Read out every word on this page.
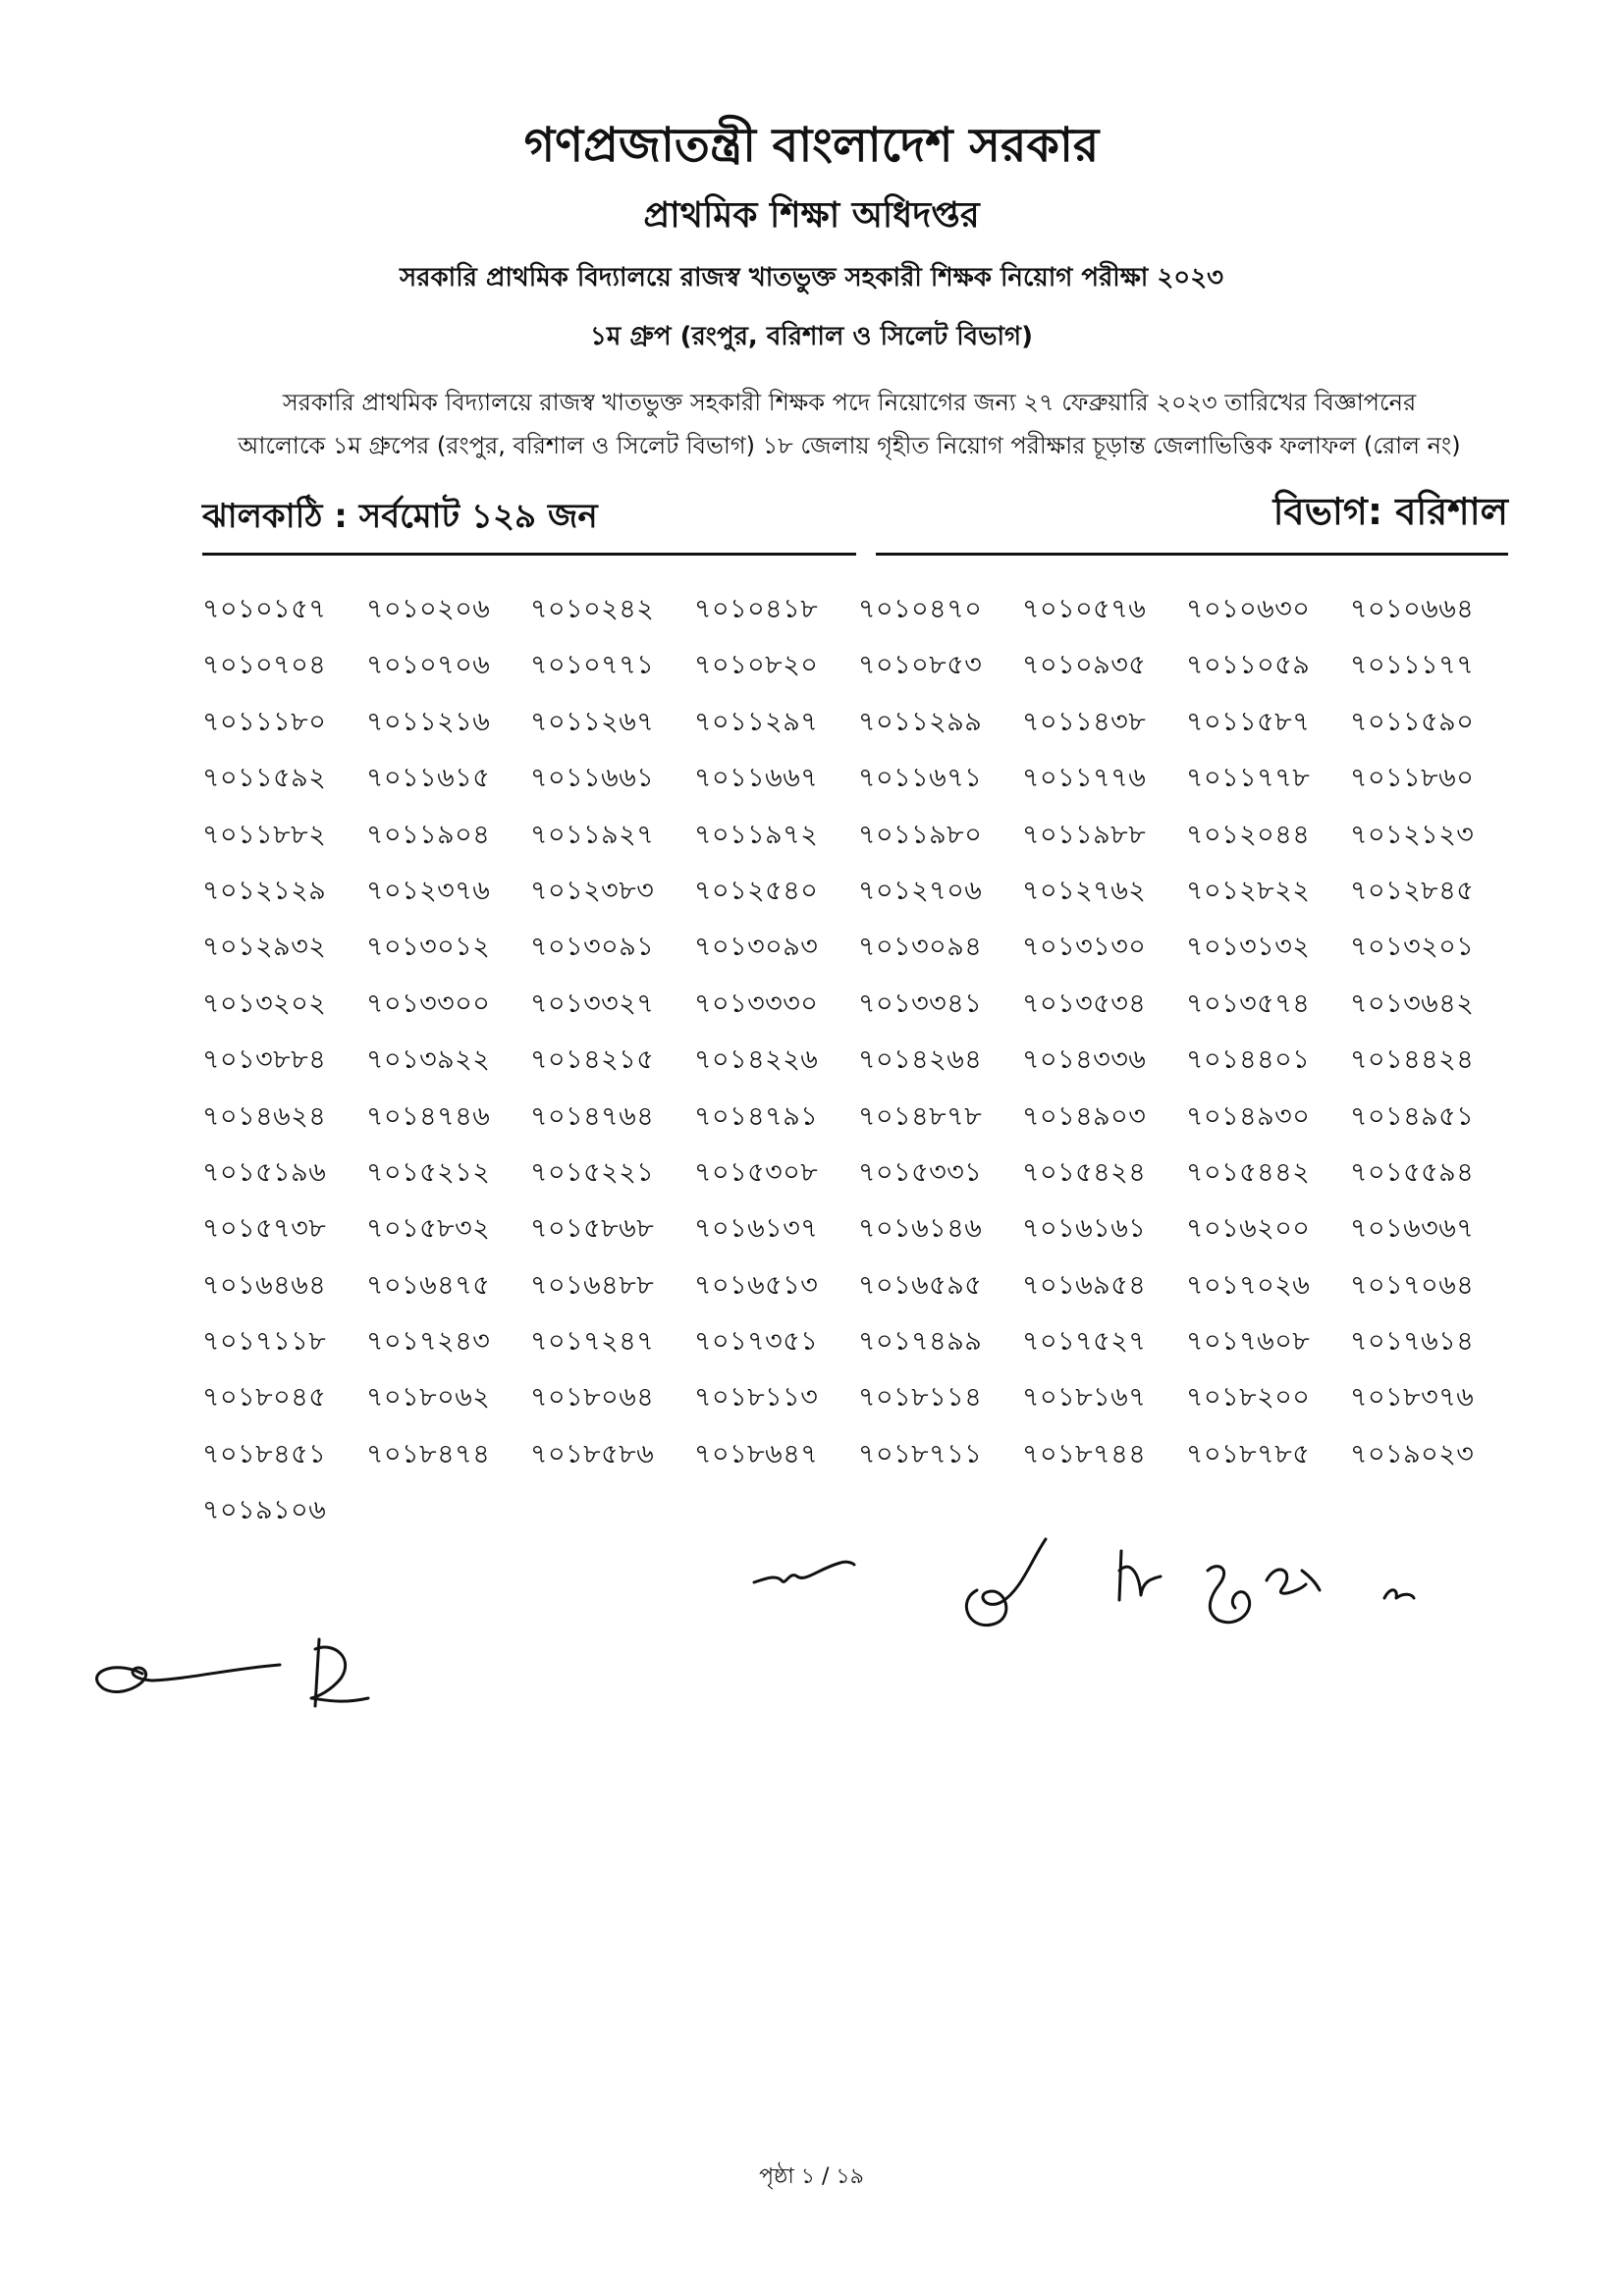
গণপ্রজাতন্ত্রী বাংলাদেশ সরকার
প্রাথমিক শিক্ষা অধিদপ্তর
সরকারি প্রাথমিক বিদ্যালয়ে রাজস্ব খাতভুক্ত সহকারী শিক্ষক নিয়োগ পরীক্ষা ২০২৩
১ম গ্রুপ (রংপুর, বরিশাল ও সিলেট বিভাগ)
সরকারি প্রাথমিক বিদ্যালয়ে রাজস্ব খাতভুক্ত সহকারী শিক্ষক পদে নিয়োগের জন্য ২৭ ফেব্রুয়ারি ২০২৩ তারিখের বিজ্ঞাপনের
আলোকে ১ম গ্রুপের (রংপুর, বরিশাল ও সিলেট বিভাগ) ১৮ জেলায় গৃহীত নিয়োগ পরীক্ষার চূড়ান্ত জেলাভিত্তিক ফলাফল (রোল নং)
ঝালকাঠি : সর্বমোট ১২৯ জন	বিভাগ: বরিশাল
৭০১০১৫৭	৭০১০২০৬	৭০১০২৪২	৭০১০৪১৮	৭০১০৪৭০	৭০১০৫৭৬	৭০১০৬৩০	৭০১০৬৬৪
৭০১০৭০৪	৭০১০৭০৬	৭০১০৭৭১	৭০১০৮২০	৭০১০৮৫৩	৭০১০৯৩৫	৭০১১০৫৯	৭০১১১৭৭
৭০১১১৮০	৭০১১২১৬	৭০১১২৬৭	৭০১১২৯৭	৭০১১২৯৯	৭০১১৪৩৮	৭০১১৫৮৭	৭০১১৫৯০
৭০১১৫৯২	৭০১১৬১৫	৭০১১৬৬১	৭০১১৬৬৭	৭০১১৬৭১	৭০১১৭৭৬	৭০১১৭৭৮	৭০১১৮৬০
৭০১১৮৮২	৭০১১৯০৪	৭০১১৯২৭	৭০১১৯৭২	৭০১১৯৮০	৭০১১৯৮৮	৭০১২০৪৪	৭০১২১২৩
৭০১২১২৯	৭০১২৩৭৬	৭০১২৩৮৩	৭০১২৫৪০	৭০১২৭০৬	৭০১২৭৬২	৭০১২৮২২	৭০১২৮৪৫
৭০১২৯৩২	৭০১৩০১২	৭০১৩০৯১	৭০১৩০৯৩	৭০১৩০৯৪	৭০১৩১৩০	৭০১৩১৩২	৭০১৩২০১
৭০১৩২০২	৭০১৩৩০০	৭০১৩৩২৭	৭০১৩৩৩০	৭০১৩৩৪১	৭০১৩৫৩৪	৭০১৩৫৭৪	৭০১৩৬৪২
৭০১৩৮৮৪	৭০১৩৯২২	৭০১৪২১৫	৭০১৪২২৬	৭০১৪২৬৪	৭০১৪৩৩৬	৭০১৪৪০১	৭০১৪৪২৪
৭০১৪৬২৪	৭০১৪৭৪৬	৭০১৪৭৬৪	৭০১৪৭৯১	৭০১৪৮৭৮	৭০১৪৯০৩	৭০১৪৯৩০	৭০১৪৯৫১
৭০১৫১৯৬	৭০১৫২১২	৭০১৫২২১	৭০১৫৩০৮	৭০১৫৩৩১	৭০১৫৪২৪	৭০১৫৪৪২	৭০১৫৫৯৪
৭০১৫৭৩৮	৭০১৫৮৩২	৭০১৫৮৬৮	৭০১৬১৩৭	৭০১৬১৪৬	৭০১৬১৬১	৭০১৬২০০	৭০১৬৩৬৭
৭০১৬৪৬৪	৭০১৬৪৭৫	৭০১৬৪৮৮	৭০১৬৫১৩	৭০১৬৫৯৫	৭০১৬৯৫৪	৭০১৭০২৬	৭০১৭০৬৪
৭০১৭১১৮	৭০১৭২৪৩	৭০১৭২৪৭	৭০১৭৩৫১	৭০১৭৪৯৯	৭০১৭৫২৭	৭০১৭৬০৮	৭০১৭৬১৪
৭০১৮০৪৫	৭০১৮০৬২	৭০১৮০৬৪	৭০১৮১১৩	৭০১৮১১৪	৭০১৮১৬৭	৭০১৮২০০	৭০১৮৩৭৬
৭০১৮৪৫১	৭০১৮৪৭৪	৭০১৮৫৮৬	৭০১৮৬৪৭	৭০১৮৭১১	৭০১৮৭৪৪	৭০১৮৭৮৫	৭০১৯০২৩
৭০১৯১০৬
পৃষ্ঠা ১ / ১৯
